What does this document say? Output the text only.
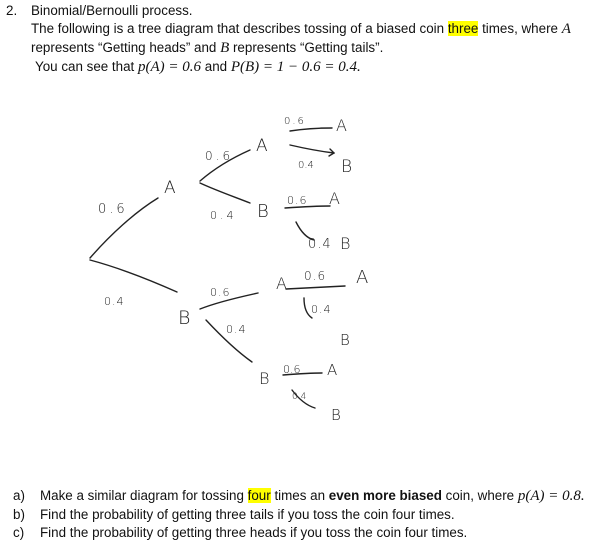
2. Binomial/Bernoulli process.
The following is a tree diagram that describes tossing of a biased coin three times, where A
represents “Getting heads” and B represents “Getting tails”.
You can see that p(A) = 0.6 and P(B) = 1 − 0.6 = 0.4.
A
B
A
B
A
B
A
B
A
B
A
B
A
B
0.6
0.4
0.6
0.4
0.6
0.4
0.6
0.4
0.6
0.4
0.6
0.4
0.6
0.4
a) Make a similar diagram for tossing four times an even more biased coin, where p(A) = 0.8.
b) Find the probability of getting three tails if you toss the coin four times.
c) Find the probability of getting three heads if you toss the coin four times.
